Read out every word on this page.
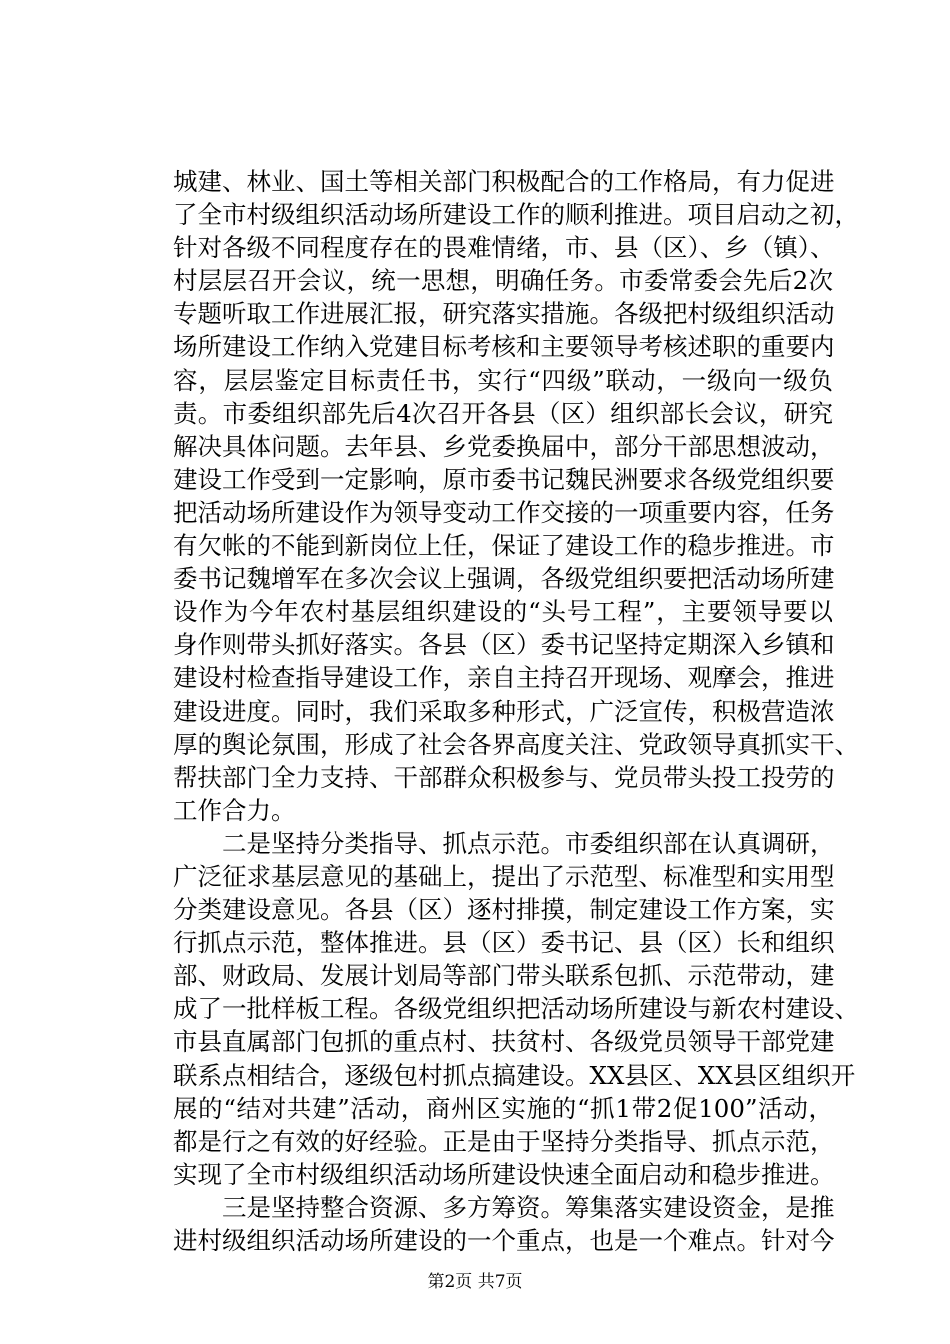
城建、林业、国土等相关部门积极配合的工作格局，有力促进
了全市村级组织活动场所建设工作的顺利推进。项目启动之初，
针对各级不同程度存在的畏难情绪，市、县（区）、乡（镇）、
村层层召开会议，统一思想，明确任务。市委常委会先后2次
专题听取工作进展汇报，研究落实措施。各级把村级组织活动
场所建设工作纳入党建目标考核和主要领导考核述职的重要内
容，层层鉴定目标责任书，实行“四级”联动，一级向一级负
责。市委组织部先后4次召开各县（区）组织部长会议，研究
解决具体问题。去年县、乡党委换届中，部分干部思想波动，
建设工作受到一定影响，原市委书记魏民洲要求各级党组织要
把活动场所建设作为领导变动工作交接的一项重要内容，任务
有欠帐的不能到新岗位上任，保证了建设工作的稳步推进。市
委书记魏增军在多次会议上强调，各级党组织要把活动场所建
设作为今年农村基层组织建设的“头号工程”，主要领导要以
身作则带头抓好落实。各县（区）委书记坚持定期深入乡镇和
建设村检查指导建设工作，亲自主持召开现场、观摩会，推进
建设进度。同时，我们采取多种形式，广泛宣传，积极营造浓
厚的舆论氛围，形成了社会各界高度关注、党政领导真抓实干、
帮扶部门全力支持、干部群众积极参与、党员带头投工投劳的
工作合力。
　　二是坚持分类指导、抓点示范。市委组织部在认真调研，
广泛征求基层意见的基础上，提出了示范型、标准型和实用型
分类建设意见。各县（区）逐村排摸，制定建设工作方案，实
行抓点示范，整体推进。县（区）委书记、县（区）长和组织
部、财政局、发展计划局等部门带头联系包抓、示范带动，建
成了一批样板工程。各级党组织把活动场所建设与新农村建设、
市县直属部门包抓的重点村、扶贫村、各级党员领导干部党建
联系点相结合，逐级包村抓点搞建设。XX县区、XX县区组织开
展的“结对共建”活动，商州区实施的“抓1带2促100”活动，
都是行之有效的好经验。正是由于坚持分类指导、抓点示范，
实现了全市村级组织活动场所建设快速全面启动和稳步推进。
　　三是坚持整合资源、多方筹资。筹集落实建设资金，是推
进村级组织活动场所建设的一个重点，也是一个难点。针对今
第2页 共7页
